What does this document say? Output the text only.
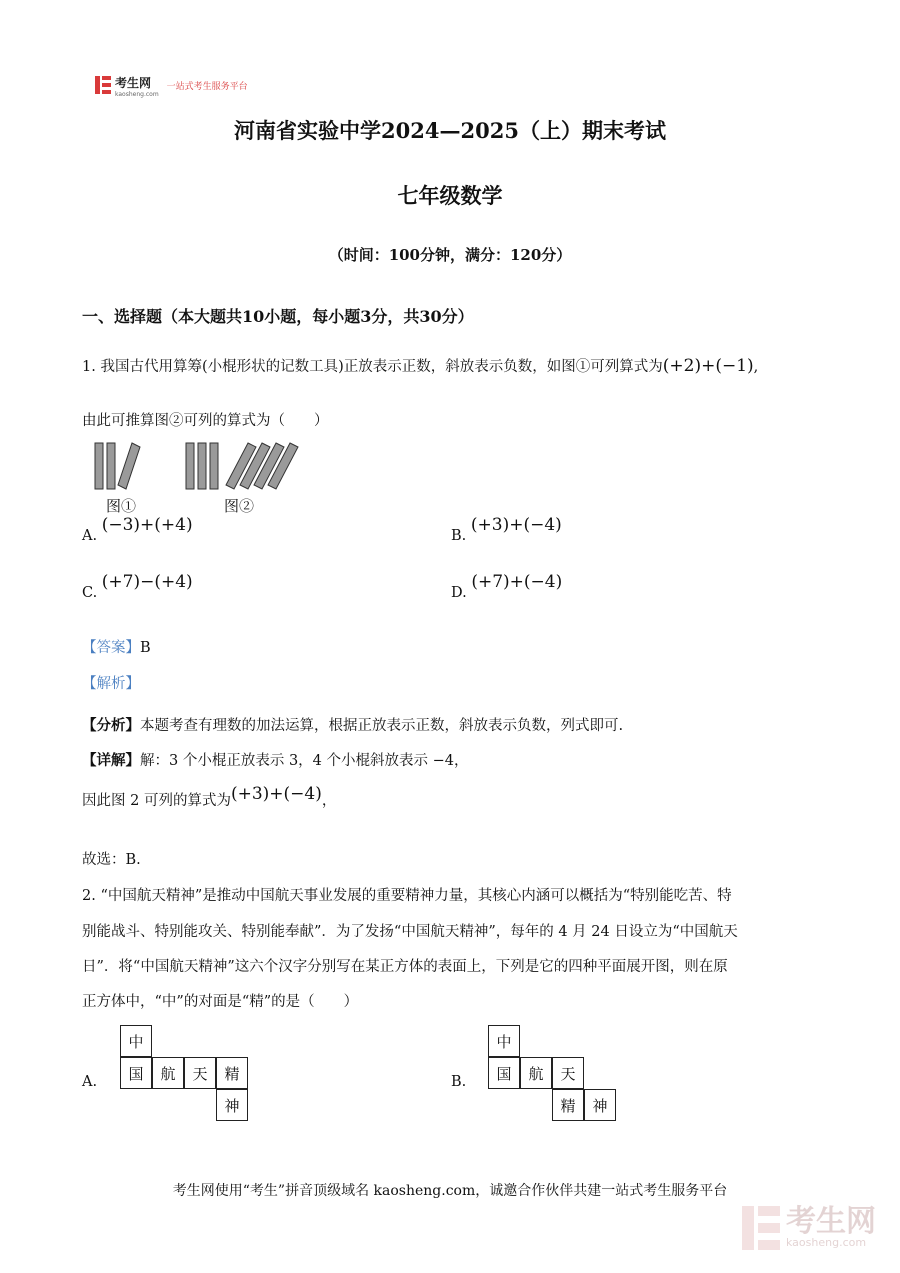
考生网
kaosheng.com
一站式考生服务平台
河南省实验中学2024—2025（上）期末考试
七年级数学
（时间：100分钟，满分：120分）
一、选择题（本大题共10小题，每小题3分，共30分）
1. 我国古代用算筹(小棍形状的记数工具)正放表示正数，斜放表示负数，如图①可列算式为(+2)+(−1),
由此可推算图②可列的算式为（　　）
图①	图②
A. (−3)+(+4)
B. (+3)+(−4)
C. (+7)−(+4)
D. (+7)+(−4)
【答案】B
【解析】
【分析】本题考查有理数的加法运算，根据正放表示正数，斜放表示负数，列式即可.
【详解】解：3 个小棍正放表示 3，4 个小棍斜放表示 −4，
因此图 2 可列的算式为(+3)+(−4)，
故选：B.
2. “中国航天精神”是推动中国航天事业发展的重要精神力量，其核心内涵可以概括为“特别能吃苦、特
别能战斗、特别能攻关、特别能奉献”．为了发扬“中国航天精神”，每年的 4 月 24 日设立为“中国航天
日”．将“中国航天精神”这六个汉字分别写在某正方体的表面上，下列是它的四种平面展开图，则在原
正方体中，“中”的对面是“精”的是（　　）
A.
中
国	航	天	精
神
B.
中
国	航	天
精	神
考生网使用“考生”拼音顶级域名 kaosheng.com，诚邀合作伙伴共建一站式考生服务平台
考生网
kaosheng.com
